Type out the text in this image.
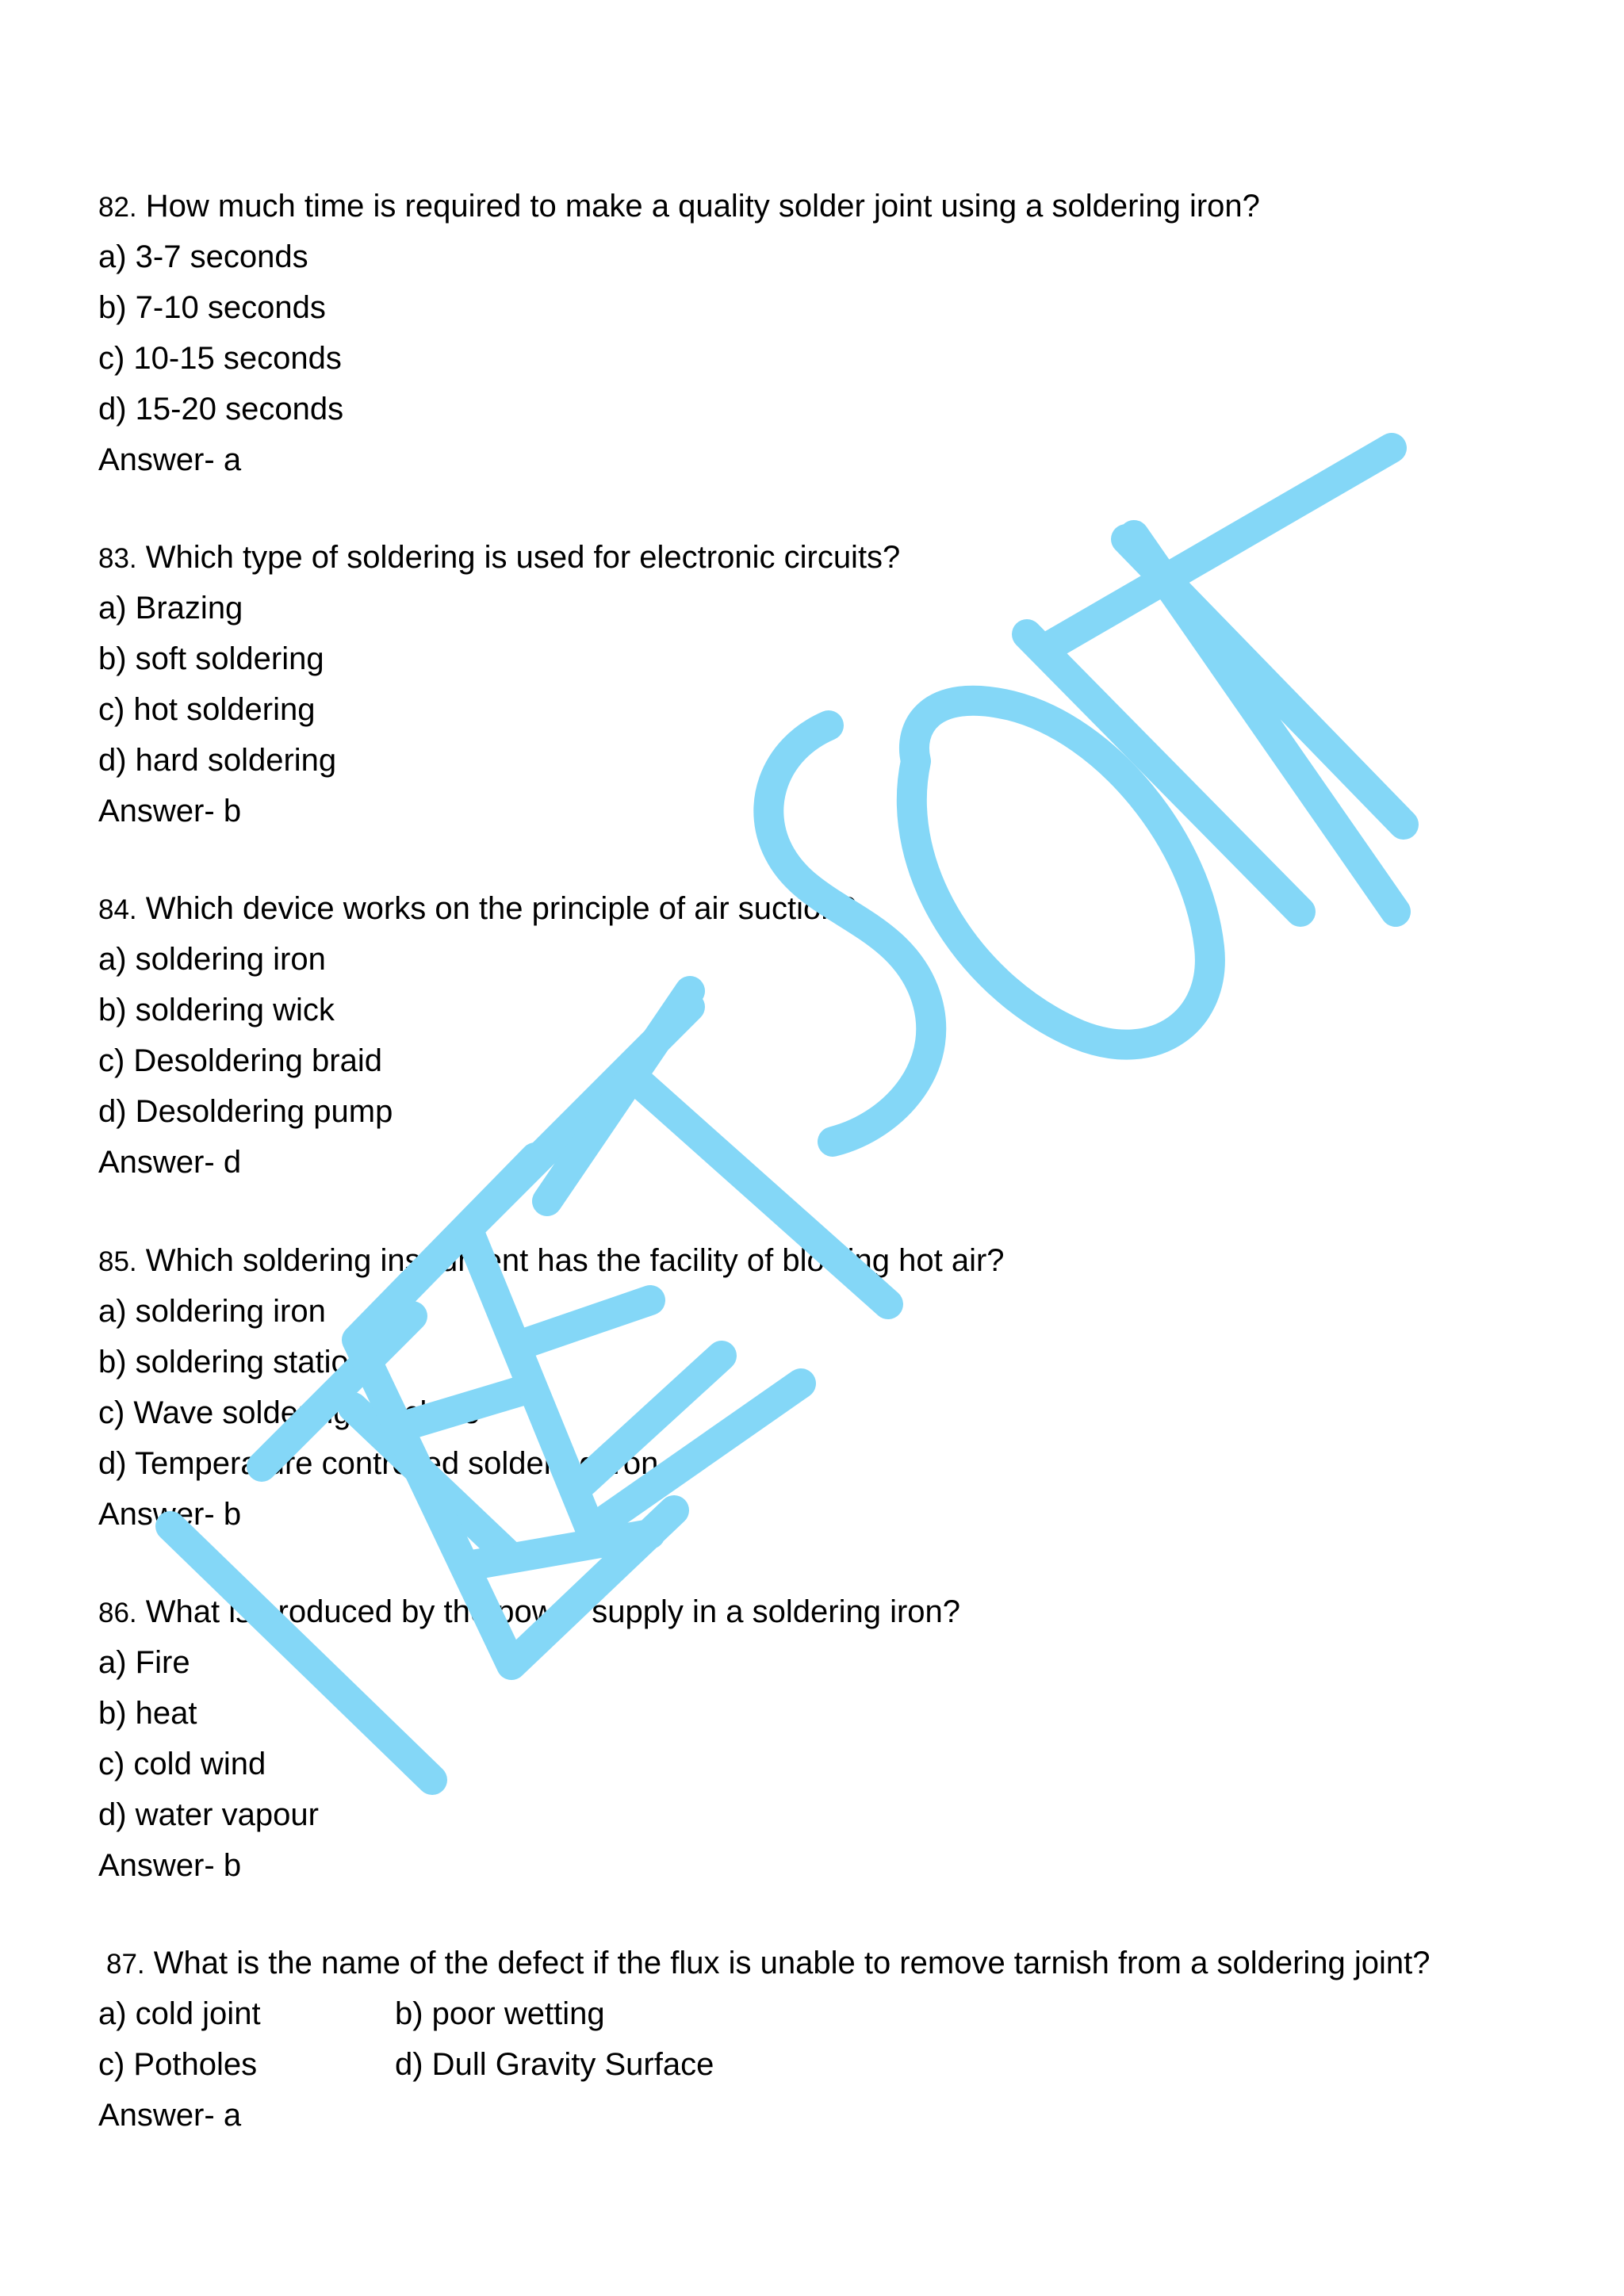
82. How much time is required to make a quality solder joint using a soldering iron?
a) 3-7 seconds
b) 7-10 seconds
c) 10-15 seconds
d) 15-20 seconds
Answer- a
83. Which type of soldering is used for electronic circuits?
a) Brazing
b) soft soldering
c) hot soldering
d) hard soldering
Answer- b
84. Which device works on the principle of air suction?
a) soldering iron
b) soldering wick
c) Desoldering braid
d) Desoldering pump
Answer- d
85. Which soldering instrument has the facility of blowing hot air?
a) soldering iron
b) soldering station
c) Wave soldering machine
d) Temperature controlled soldering iron
Answer- b
86. What is produced by the power supply in a soldering iron?
a) Fire
b) heat
c) cold wind
d) water vapour
Answer- b
87. What is the name of the defect if the flux is unable to remove tarnish from a soldering joint?
a) cold joint	b) poor wetting
c) Potholes	d) Dull Gravity Surface
Answer- a
